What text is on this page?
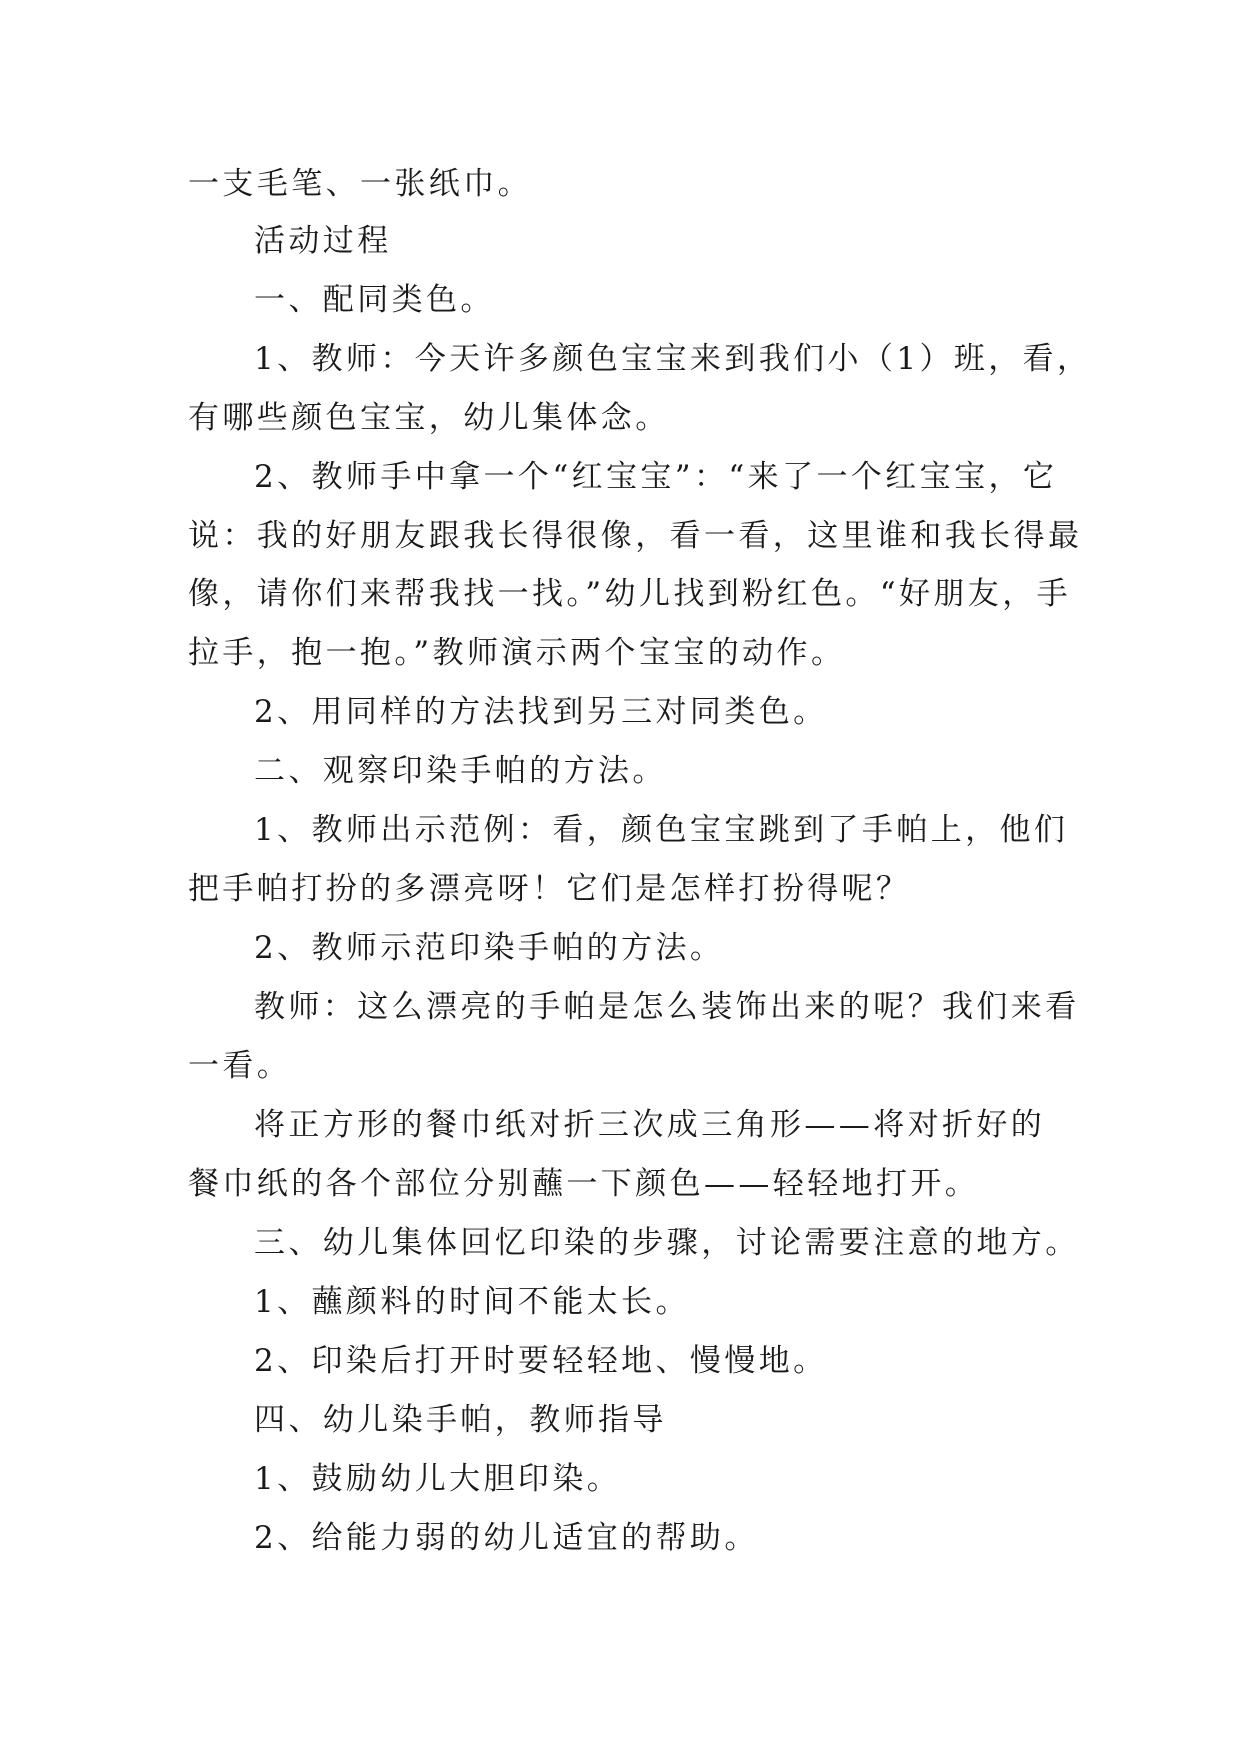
一支毛笔、一张纸巾。
活动过程
一、配同类色。
1、教师：今天许多颜色宝宝来到我们小（1）班，看，
有哪些颜色宝宝，幼儿集体念。
2、教师手中拿一个“红宝宝”：“来了一个红宝宝，它
说：我的好朋友跟我长得很像，看一看，这里谁和我长得最
像，请你们来帮我找一找。”幼儿找到粉红色。“好朋友，手
拉手，抱一抱。”教师演示两个宝宝的动作。
2、用同样的方法找到另三对同类色。
二、观察印染手帕的方法。
1、教师出示范例：看，颜色宝宝跳到了手帕上，他们
把手帕打扮的多漂亮呀！它们是怎样打扮得呢？
2、教师示范印染手帕的方法。
教师：这么漂亮的手帕是怎么装饰出来的呢？我们来看
一看。
将正方形的餐巾纸对折三次成三角形——将对折好的
餐巾纸的各个部位分别蘸一下颜色——轻轻地打开。
三、幼儿集体回忆印染的步骤，讨论需要注意的地方。
1、蘸颜料的时间不能太长。
2、印染后打开时要轻轻地、慢慢地。
四、幼儿染手帕，教师指导
1、鼓励幼儿大胆印染。
2、给能力弱的幼儿适宜的帮助。
